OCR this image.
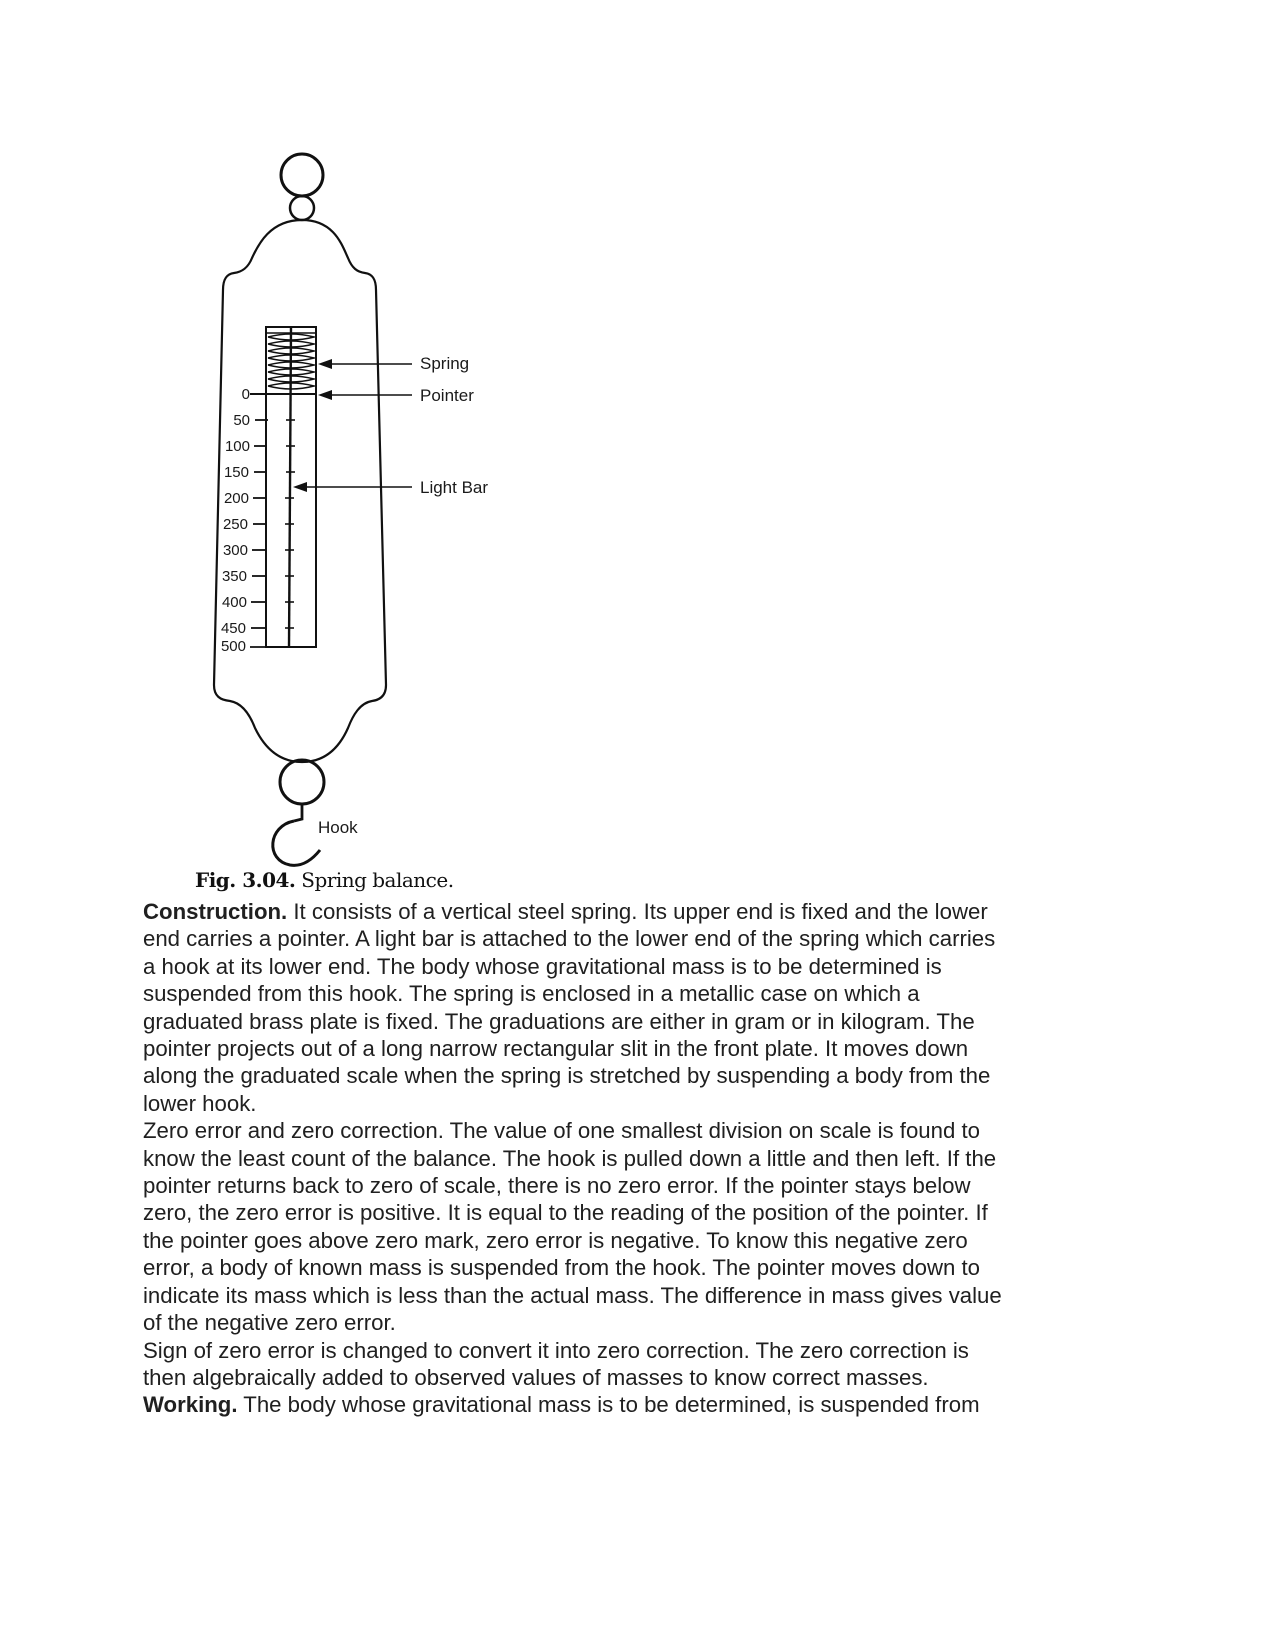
0
50
100
150
200
250
300
350
400
450
500
Spring
Pointer
Light Bar
Hook
Fig. 3.04. Spring balance.
Construction. It consists of a vertical steel spring. Its upper end is fixed and the lower
end carries a pointer. A light bar is attached to the lower end of the spring which carries
a hook at its lower end. The body whose gravitational mass is to be determined is
suspended from this hook. The spring is enclosed in a metallic case on which a
graduated brass plate is fixed. The graduations are either in gram or in kilogram. The
pointer projects out of a long narrow rectangular slit in the front plate. It moves down
along the graduated scale when the spring is stretched by suspending a body from the
lower hook.
Zero error and zero correction. The value of one smallest division on scale is found to
know the least count of the balance. The hook is pulled down a little and then left. If the
pointer returns back to zero of scale, there is no zero error. If the pointer stays below
zero, the zero error is positive. It is equal to the reading of the position of the pointer. If
the pointer goes above zero mark, zero error is negative. To know this negative zero
error, a body of known mass is suspended from the hook. The pointer moves down to
indicate its mass which is less than the actual mass. The difference in mass gives value
of the negative zero error.
Sign of zero error is changed to convert it into zero correction. The zero correction is
then algebraically added to observed values of masses to know correct masses.
Working. The body whose gravitational mass is to be determined, is suspended from
